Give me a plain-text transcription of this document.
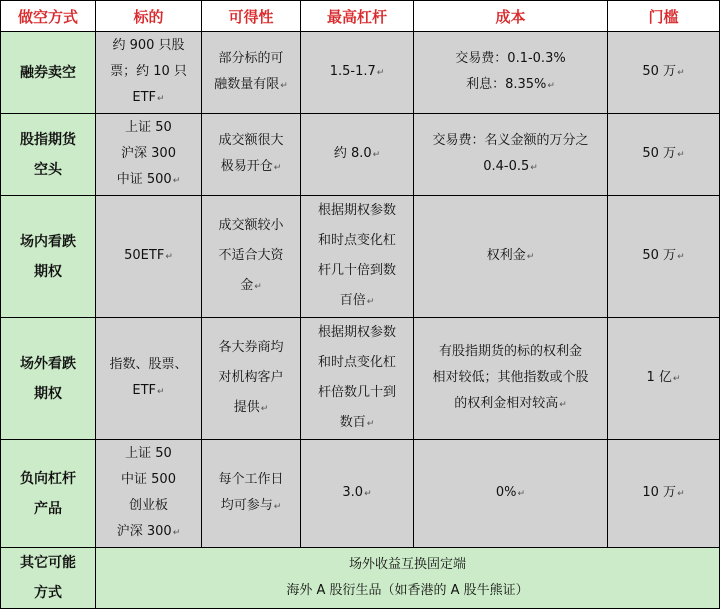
做空方式	标的	可得性	最高杠杆	成本	门槛

融券卖空	约 900 只股
票；约 10 只
ETF↵	部分标的可
融数量有限↵	1.5-1.7↵	交易费：0.1-0.3%
利息：8.35%↵	50 万↵

股指期货
空头	上证 50
沪深 300
中证 500↵	成交额很大
极易开仓↵	约 8.0↵	交易费：名义金额的万分之
0.4-0.5↵	50 万↵

场内看跌
期权	50ETF↵	成交额较小
不适合大资
金↵	根据期权参数
和时点变化杠
杆几十倍到数
百倍↵	权利金↵	50 万↵

场外看跌
期权	指数、股票、
ETF↵	各大券商均
对机构客户
提供↵	根据期权参数
和时点变化杠
杆倍数几十到
数百↵	有股指期货的标的权利金
相对较低；其他指数或个股
的权利金相对较高↵	1 亿↵

负向杠杆
产品	上证 50
中证 500
创业板
沪深 300↵	每个工作日
均可参与↵	3.0↵	0%↵	10 万↵

其它可能
方式	场外收益互换固定端
海外 A 股衍生品（如香港的 A 股牛熊证）				
